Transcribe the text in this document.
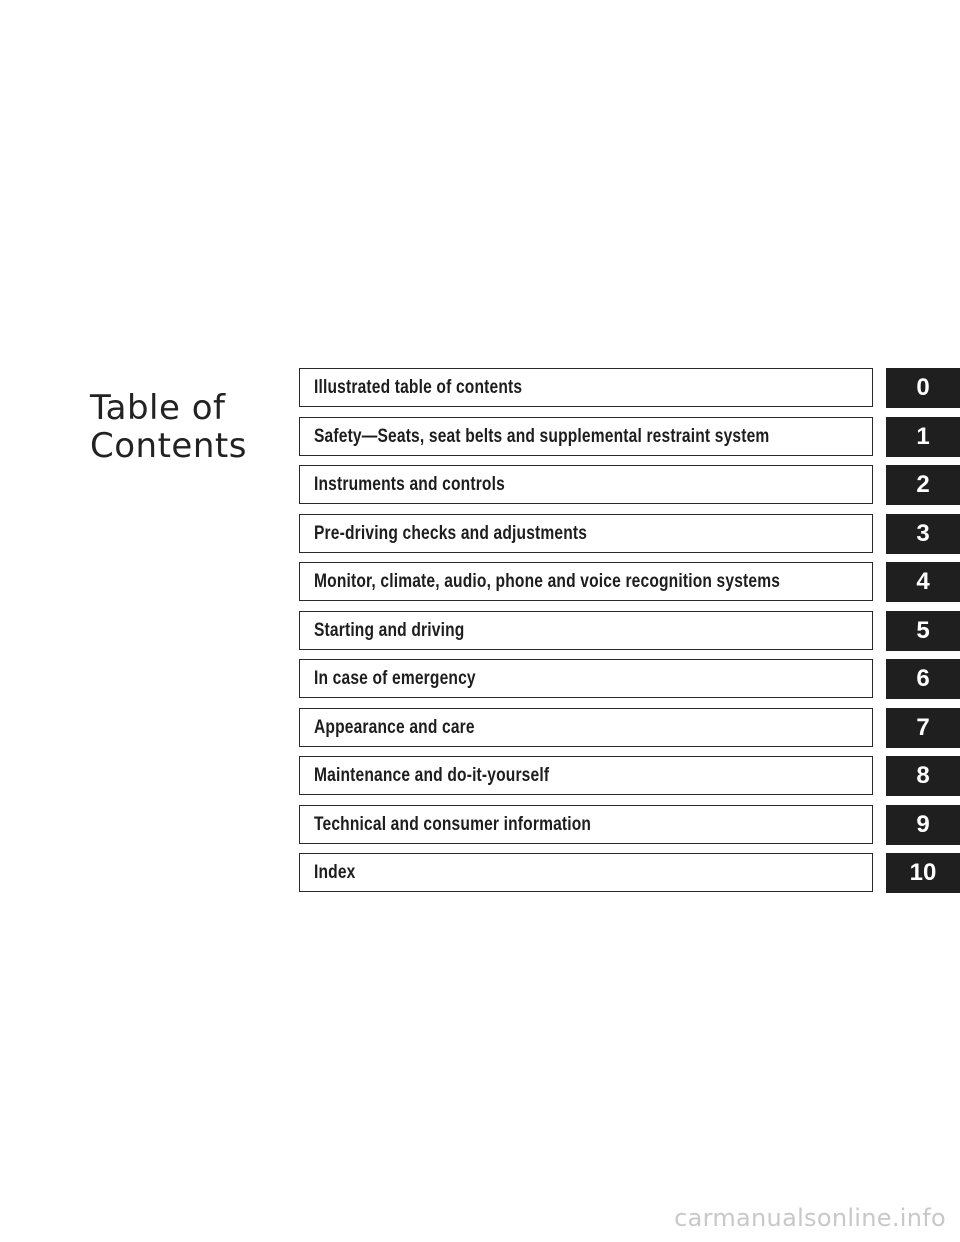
Table of
Contents
Illustrated table of contents	0
Safety—Seats, seat belts and supplemental restraint system	1
Instruments and controls	2
Pre-driving checks and adjustments	3
Monitor, climate, audio, phone and voice recognition systems	4
Starting and driving	5
In case of emergency	6
Appearance and care	7
Maintenance and do-it-yourself	8
Technical and consumer information	9
Index	10
carmanualsonline.info
